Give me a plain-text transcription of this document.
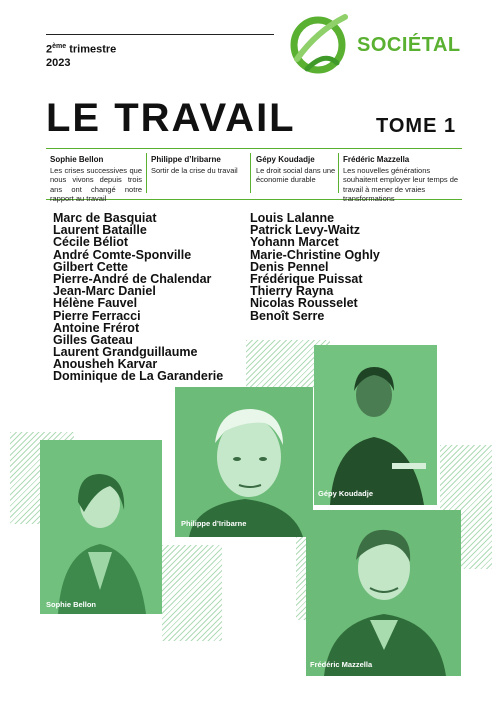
2ème trimestre
2023
SOCIÉTAL
LE TRAVAIL	TOME 1
Sophie Bellon
Les crises successives que nous vivons depuis trois ans ont changé notre rapport au travail
Philippe d’Iribarne
Sortir de la crise du travail
Gépy Koudadje
Le droit social dans une économie durable
Frédéric Mazzella
Les nouvelles générations souhaitent employer leur temps de travail à mener de vraies transformations
Marc de Basquiat
Laurent Bataille
Cécile Béliot
André Comte-Sponville
Gilbert Cette
Pierre-André de Chalendar
Jean-Marc Daniel
Hélène Fauvel
Pierre Ferracci
Antoine Frérot
Gilles Gateau
Laurent Grandguillaume
Anousheh Karvar
Dominique de La Garanderie
Louis Lalanne
Patrick Levy-Waitz
Yohann Marcet
Marie-Christine Oghly
Denis Pennel
Frédérique Puissat
Thierry Rayna
Nicolas Rousselet
Benoît Serre
Sophie Bellon
Philippe d’Iribarne
Gépy Koudadje
Frédéric Mazzella
